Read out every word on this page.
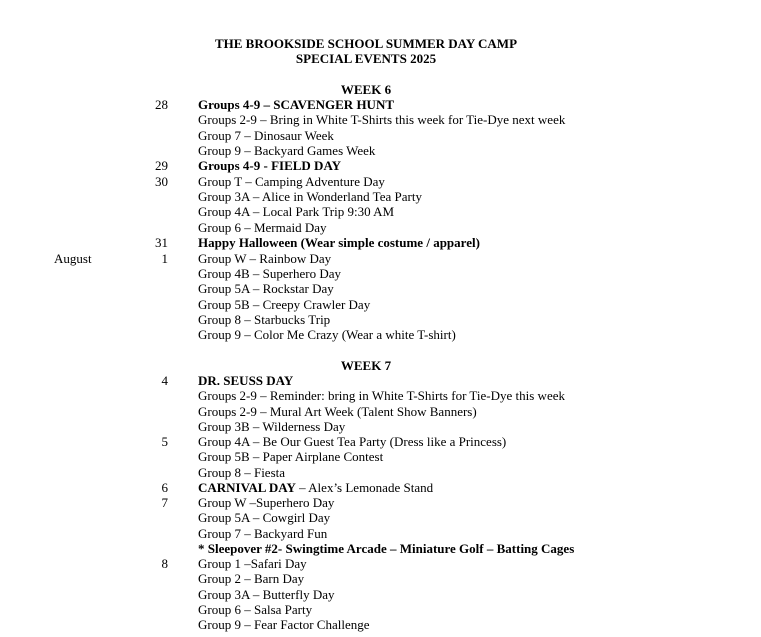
THE BROOKSIDE SCHOOL SUMMER DAY CAMP
SPECIAL EVENTS 2025
WEEK 6
28 Groups 4-9 – SCAVENGER HUNT
Groups 2-9 – Bring in White T-Shirts this week for Tie-Dye next week
Group 7 – Dinosaur Week
Group 9 – Backyard Games Week
29 Groups 4-9 - FIELD DAY
30 Group T – Camping Adventure Day
Group 3A – Alice in Wonderland Tea Party
Group 4A – Local Park Trip 9:30 AM
Group 6 – Mermaid Day
31 Happy Halloween (Wear simple costume / apparel)
August	1 Group W – Rainbow Day
Group 4B – Superhero Day
Group 5A – Rockstar Day
Group 5B – Creepy Crawler Day
Group 8 – Starbucks Trip
Group 9 – Color Me Crazy (Wear a white T-shirt)
WEEK 7
4 DR. SEUSS DAY
Groups 2-9 – Reminder: bring in White T-Shirts for Tie-Dye this week
Groups 2-9 – Mural Art Week (Talent Show Banners)
Group 3B – Wilderness Day
5 Group 4A – Be Our Guest Tea Party (Dress like a Princess)
Group 5B – Paper Airplane Contest
Group 8 – Fiesta
6 CARNIVAL DAY – Alex’s Lemonade Stand
7 Group W –Superhero Day
Group 5A – Cowgirl Day
Group 7 – Backyard Fun
* Sleepover #2- Swingtime Arcade – Miniature Golf – Batting Cages
8 Group 1 –Safari Day
Group 2 – Barn Day
Group 3A – Butterfly Day
Group 6 – Salsa Party
Group 9 – Fear Factor Challenge
